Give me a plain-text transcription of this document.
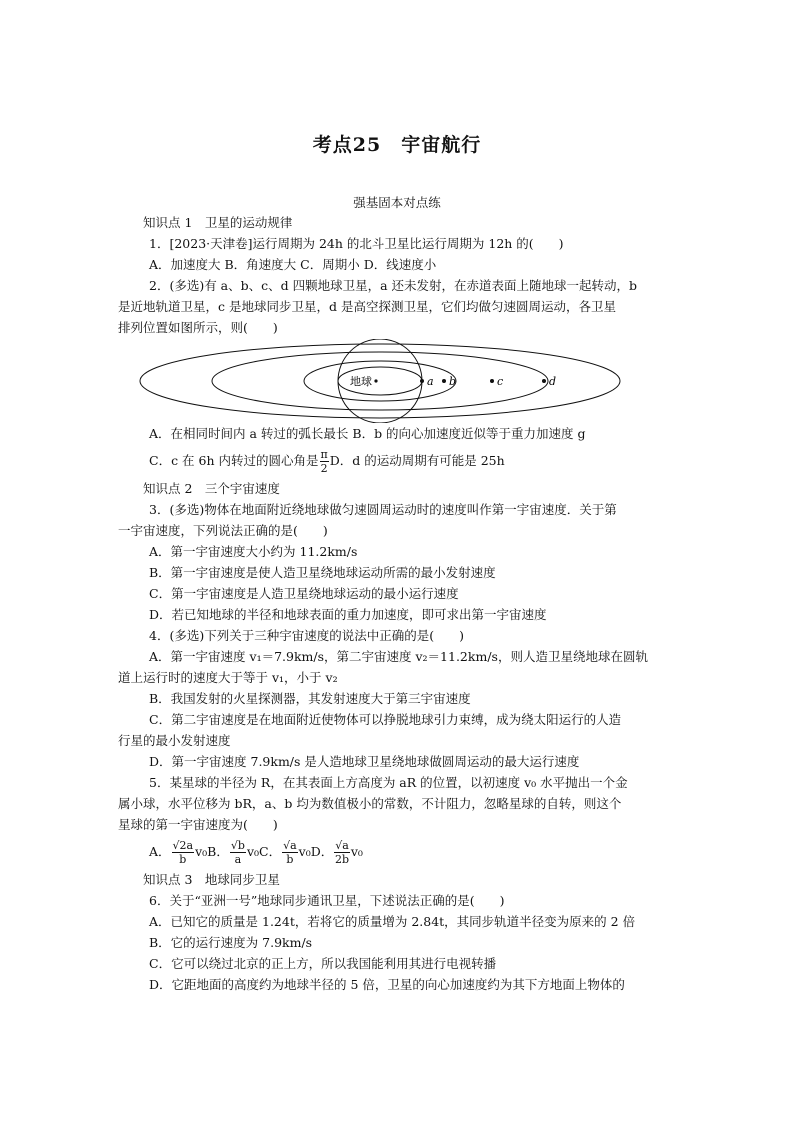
考点25　宇宙航行
强基固本对点练
知识点 1　卫星的运动规律
1．[2023·天津卷]运行周期为 24h 的北斗卫星比运行周期为 12h 的(　　)
A．加速度大 B．角速度大 C．周期小 D．线速度小
2．(多选)有 a、b、c、d 四颗地球卫星，a 还未发射，在赤道表面上随地球一起转动，b
是近地轨道卫星，c 是地球同步卫星，d 是高空探测卫星，它们均做匀速圆周运动，各卫星
排列位置如图所示，则(　　)
地球	a b	c	d
A．在相同时间内 a 转过的弧长最长 B．b 的向心加速度近似等于重力加速度 g
C．c 在 6h 内转过的圆心角是 $\frac{\pi}{2}$ D．d 的运动周期有可能是 25h
知识点 2　三个宇宙速度
3．(多选)物体在地面附近绕地球做匀速圆周运动时的速度叫作第一宇宙速度．关于第
一宇宙速度，下列说法正确的是(　　)
A．第一宇宙速度大小约为 11.2km/s
B．第一宇宙速度是使人造卫星绕地球运动所需的最小发射速度
C．第一宇宙速度是人造卫星绕地球运动的最小运行速度
D．若已知地球的半径和地球表面的重力加速度，即可求出第一宇宙速度
4．(多选)下列关于三种宇宙速度的说法中正确的是(　　)
A．第一宇宙速度 v₁＝7.9km/s，第二宇宙速度 v₂＝11.2km/s，则人造卫星绕地球在圆轨
道上运行时的速度大于等于 v₁，小于 v₂
B．我国发射的火星探测器，其发射速度大于第三宇宙速度
C．第二宇宙速度是在地面附近使物体可以挣脱地球引力束缚，成为绕太阳运行的人造
行星的最小发射速度
D．第一宇宙速度 7.9km/s 是人造地球卫星绕地球做圆周运动的最大运行速度
5．某星球的半径为 R，在其表面上方高度为 aR 的位置，以初速度 v₀ 水平抛出一个金
属小球，水平位移为 bR，a、b 均为数值极小的常数，不计阻力，忽略星球的自转，则这个
星球的第一宇宙速度为(　　)
A． $\frac{√2a}{b} v_0B$． $\frac{√b}{a} v_0C$． $\frac{√a}{b} v_0D$． $\frac{√a}{2b} v_0$
知识点 3　地球同步卫星
6．关于“亚洲一号”地球同步通讯卫星，下述说法正确的是(　　)
A．已知它的质量是 1.24t，若将它的质量增为 2.84t，其同步轨道半径变为原来的 2 倍
B．它的运行速度为 7.9km/s
C．它可以绕过北京的正上方，所以我国能利用其进行电视转播
D．它距地面的高度约为地球半径的 5 倍，卫星的向心加速度约为其下方地面上物体的
